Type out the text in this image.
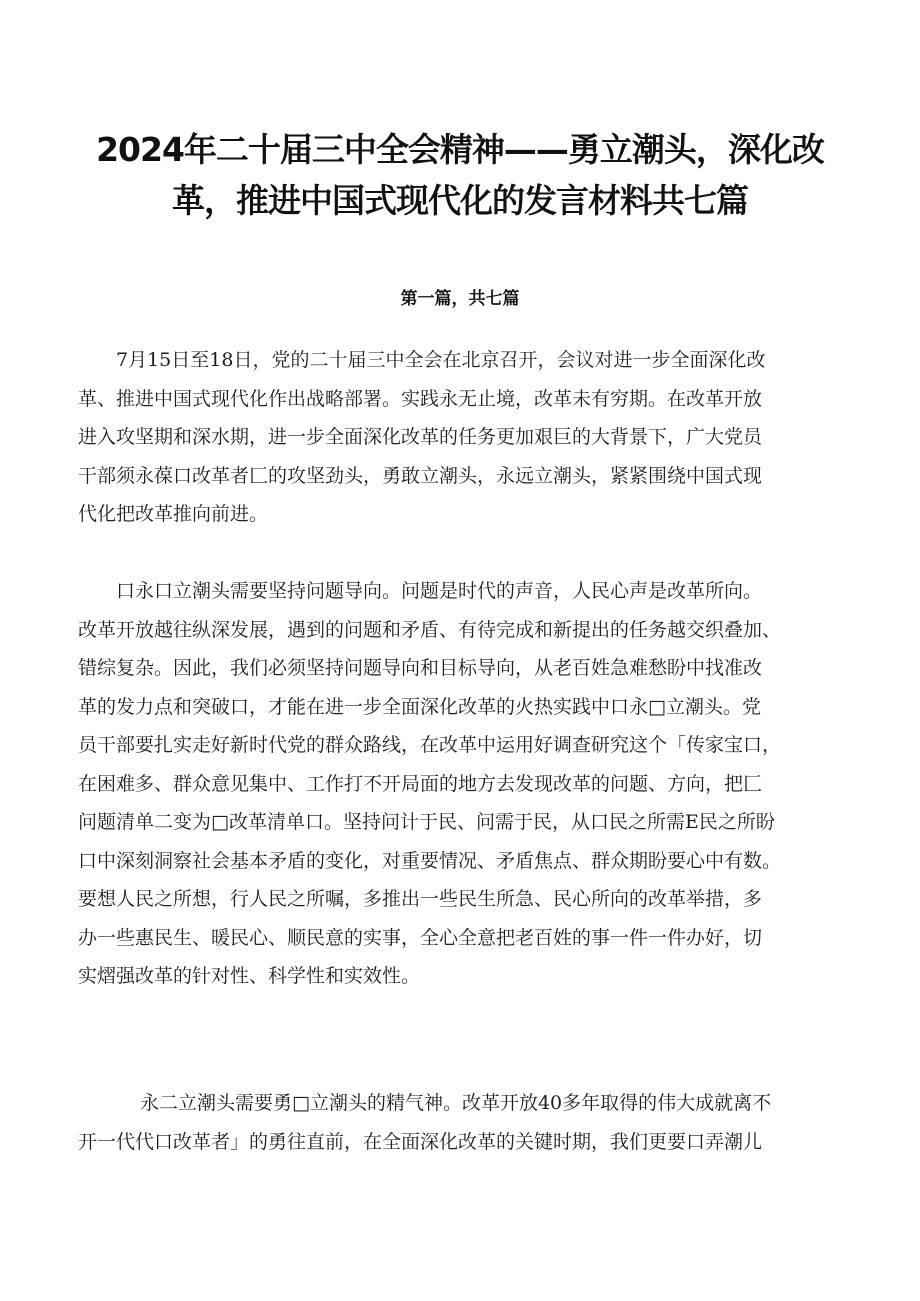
2024年二十届三中全会精神——勇立潮头，深化改
革，推进中国式现代化的发言材料共七篇
第一篇，共七篇

7月15日至18日，党的二十届三中全会在北京召开，会议对进一步全面深化改
革、推进中国式现代化作出战略部署。实践永无止境，改革未有穷期。在改革开放
进入攻坚期和深水期，进一步全面深化改革的任务更加艰巨的大背景下，广大党员
干部须永葆口改革者匚的攻坚劲头，勇敢立潮头，永远立潮头，紧紧围绕中国式现
代化把改革推向前进。

口永口立潮头需要坚持问题导向。问题是时代的声音，人民心声是改革所向。
改革开放越往纵深发展，遇到的问题和矛盾、有待完成和新提出的任务越交织叠加、
错综复杂。因此，我们必须坚持问题导向和目标导向，从老百姓急难愁盼中找准改
革的发力点和突破口，才能在进一步全面深化改革的火热实践中口永□立潮头。党
员干部要扎实走好新时代党的群众路线，在改革中运用好调查研究这个「传家宝口，
在困难多、群众意见集中、工作打不开局面的地方去发现改革的问题、方向，把匚
问题清单二变为□改革清单口。坚持问计于民、问需于民，从口民之所需E民之所盼
口中深刻洞察社会基本矛盾的变化，对重要情况、矛盾焦点、群众期盼要心中有数。
要想人民之所想，行人民之所嘱，多推出一些民生所急、民心所向的改革举措，多
办一些惠民生、暖民心、顺民意的实事，全心全意把老百姓的事一件一件办好，切
实熠强改革的针对性、科学性和实效性。

永二立潮头需要勇□立潮头的精气神。改革开放40多年取得的伟大成就离不
开一代代口改革者」的勇往直前，在全面深化改革的关键时期，我们更要口弄潮儿
